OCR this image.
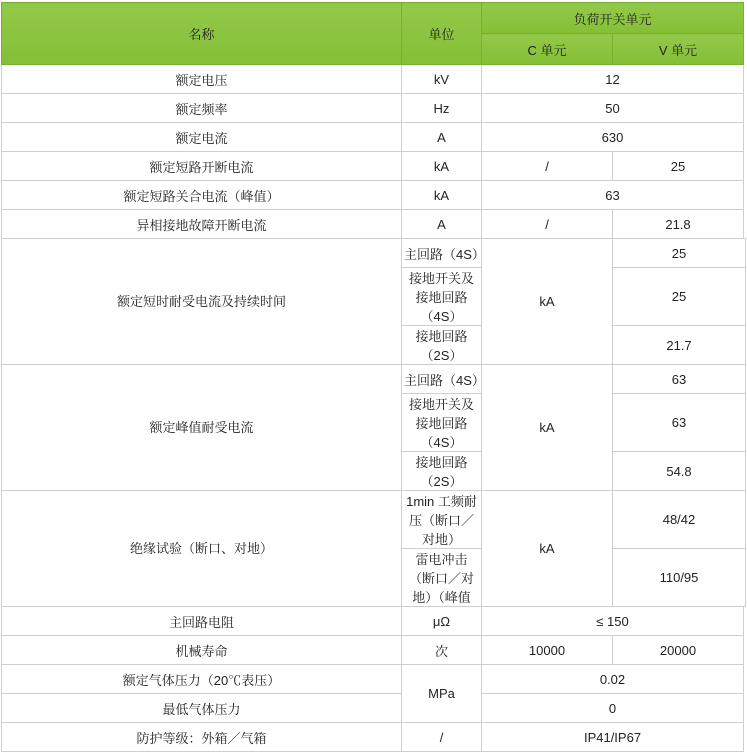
名称	单位	负荷开关单元	
		C 单元	V 单元
额定电压	kV	12	
额定频率	Hz	50	
额定电流	A	630	
额定短路开断电流	kA	/	25
额定短路关合电流（峰值）	kA	63	
异相接地故障开断电流	A	/	21.8
额定短时耐受电流及持续时间	主回路（4S）	kA	25
	接地开关及接地回路（4S）		25
	接地回路（2S）		21.7
额定峰值耐受电流	主回路（4S）	kA	63
	接地开关及接地回路（4S）		63
	接地回路（2S）		54.8
绝缘试验（断口、对地）	1min 工频耐压（断口／对地）	kA	48/42
	雷电冲击（断口／对地）（峰值		110/95
主回路电阻	μΩ	≤ 150	
机械寿命	次	10000	20000
额定气体压力（20℃表压）	MPa	0.02	
最低气体压力		0	
防护等级：外箱／气箱	/	IP41/IP67	
